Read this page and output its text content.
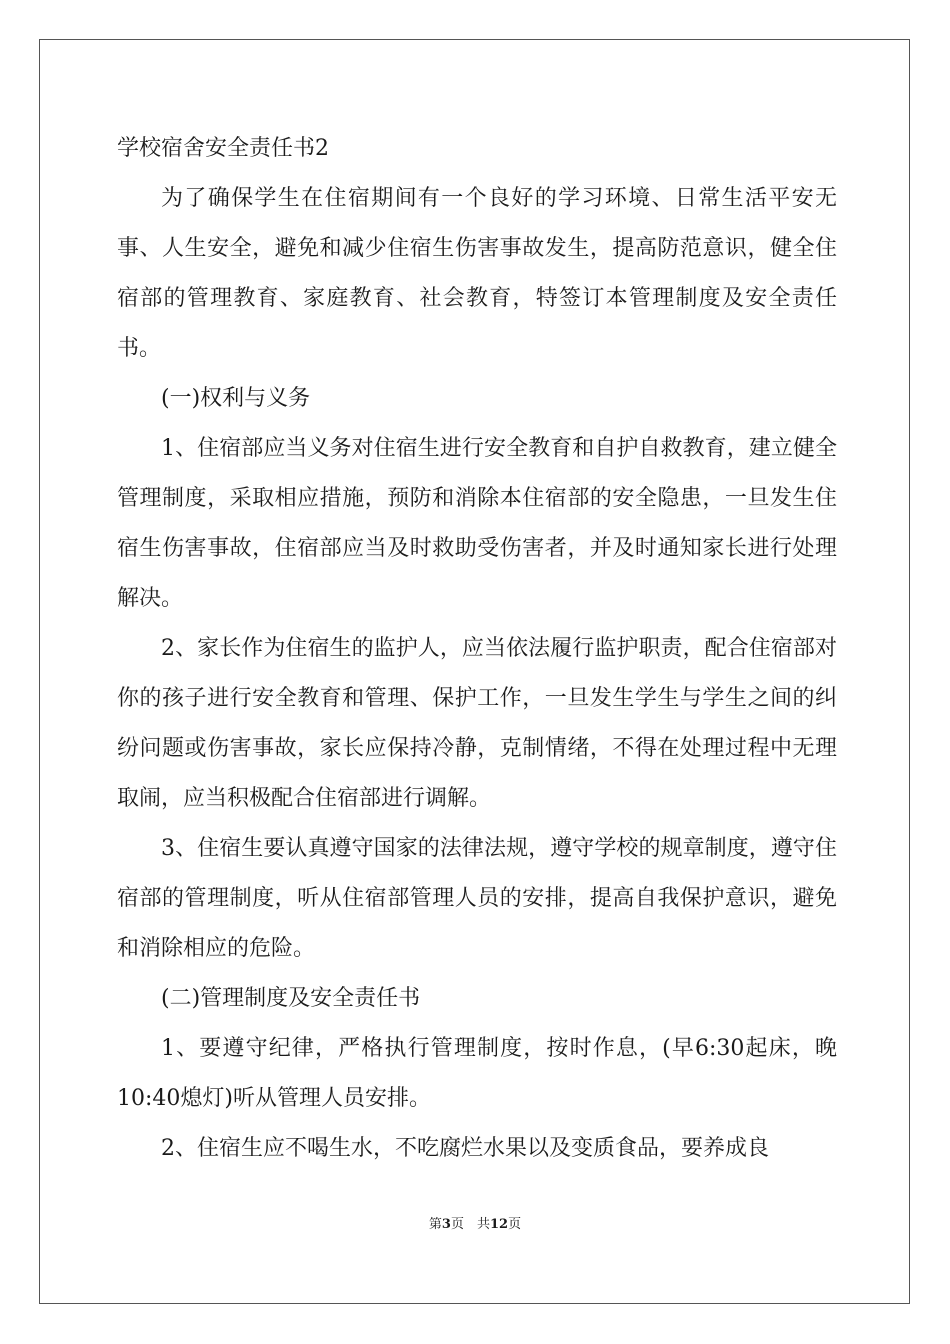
学校宿舍安全责任书2

为了确保学生在住宿期间有一个良好的学习环境、日常生活平安无事、人生安全，避免和减少住宿生伤害事故发生，提高防范意识，健全住宿部的管理教育、家庭教育、社会教育，特签订本管理制度及安全责任书。

(一)权利与义务

1、住宿部应当义务对住宿生进行安全教育和自护自救教育，建立健全管理制度，采取相应措施，预防和消除本住宿部的安全隐患，一旦发生住宿生伤害事故，住宿部应当及时救助受伤害者，并及时通知家长进行处理解决。

2、家长作为住宿生的监护人，应当依法履行监护职责，配合住宿部对你的孩子进行安全教育和管理、保护工作，一旦发生学生与学生之间的纠纷问题或伤害事故，家长应保持冷静，克制情绪，不得在处理过程中无理取闹，应当积极配合住宿部进行调解。

3、住宿生要认真遵守国家的法律法规，遵守学校的规章制度，遵守住宿部的管理制度，听从住宿部管理人员的安排，提高自我保护意识，避免和消除相应的危险。

(二)管理制度及安全责任书

1、要遵守纪律，严格执行管理制度，按时作息，(早6:30起床，晚10:40熄灯)听从管理人员安排。

2、住宿生应不喝生水，不吃腐烂水果以及变质食品，要养成良

第3页　共12页
